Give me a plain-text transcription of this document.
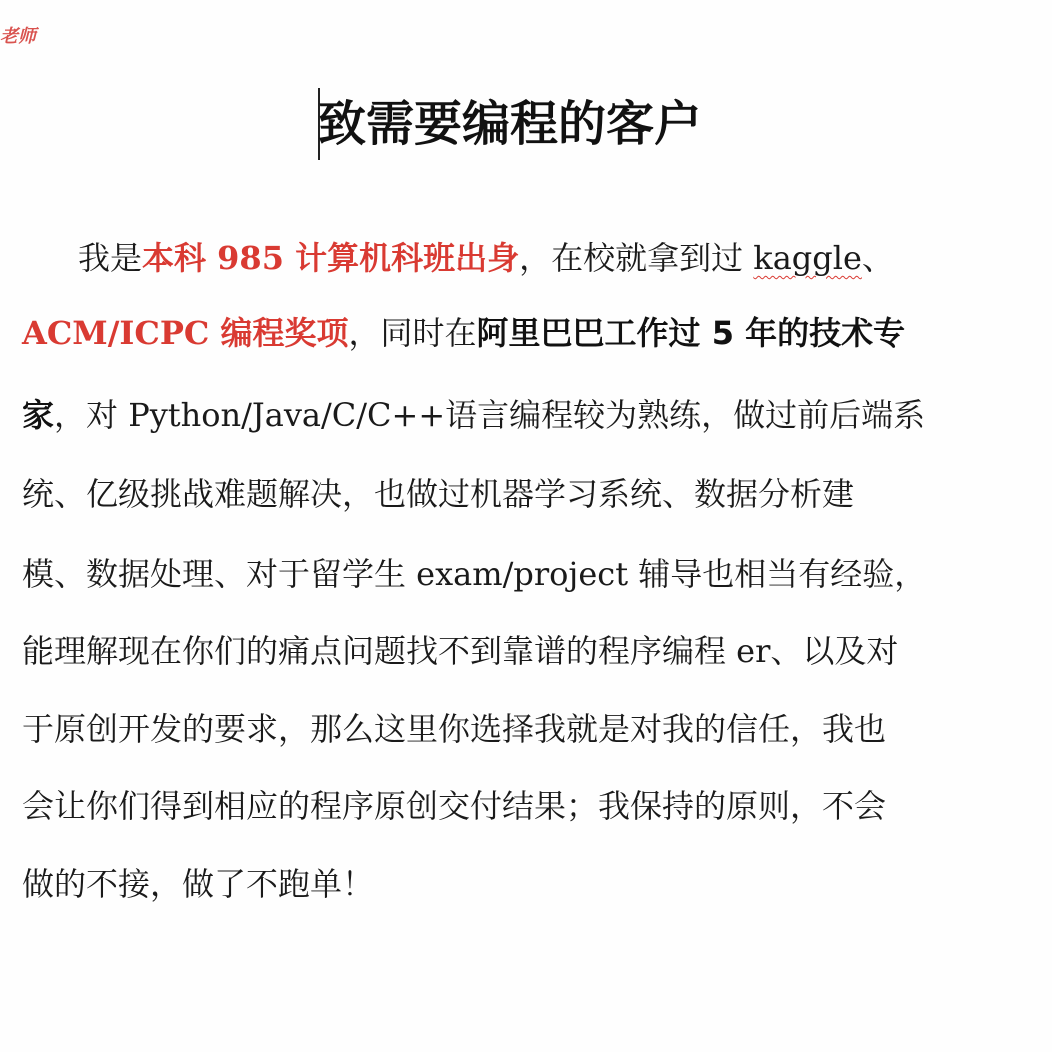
老师
致需要编程的客户
我是本科 985 计算机科班出身，在校就拿到过 kaggle、
ACM/ICPC 编程奖项，同时在阿里巴巴工作过 5 年的技术专
家，对 Python/Java/C/C++语言编程较为熟练，做过前后端系
统、亿级挑战难题解决，也做过机器学习系统、数据分析建
模、数据处理、对于留学生 exam/project 辅导也相当有经验，
能理解现在你们的痛点问题找不到靠谱的程序编程 er、以及对
于原创开发的要求，那么这里你选择我就是对我的信任，我也
会让你们得到相应的程序原创交付结果；我保持的原则，不会
做的不接，做了不跑单！
